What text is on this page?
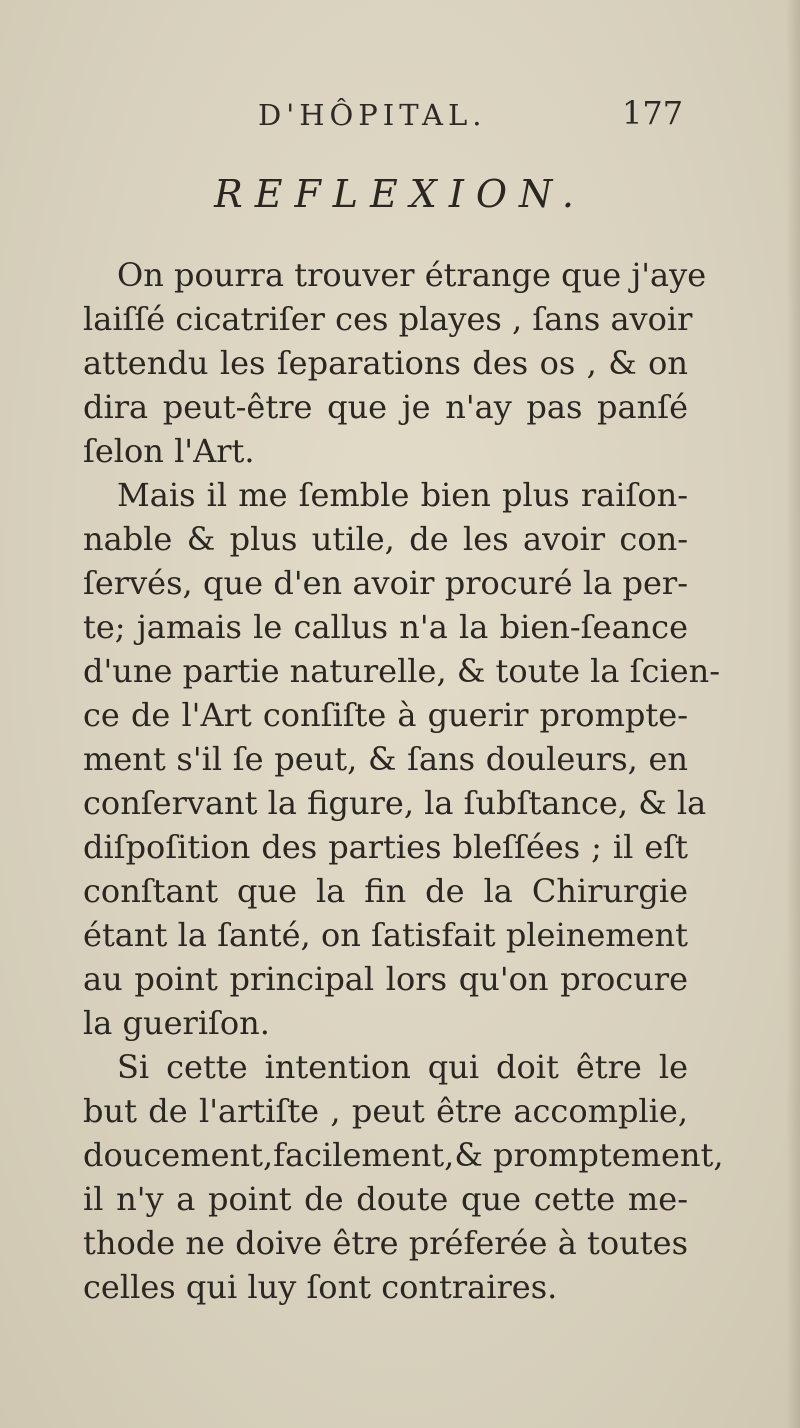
D'HÔPITAL.	177
REFLEXION.
On pourra trouver étrange que j'aye
laiſſé cicatriſer ces playes , ſans avoir
attendu les ſeparations des os , & on
dira peut-être que je n'ay pas panſé
ſelon l'Art.
Mais il me ſemble bien plus raiſon-
nable & plus utile, de les avoir con-
ſervés, que d'en avoir procuré la per-
te; jamais le callus n'a la bien-ſeance
d'une partie naturelle, & toute la ſcien-
ce de l'Art conſiſte à guerir prompte-
ment s'il ſe peut, & ſans douleurs, en
conſervant la figure, la ſubſtance, & la
diſpoſition des parties bleſſées ; il eſt
conſtant que la fin de la Chirurgie
étant la ſanté, on ſatisfait pleinement
au point principal lors qu'on procure
la gueriſon.
Si cette intention qui doit être le
but de l'artiſte , peut être accomplie,
doucement,facilement,& promptement,
il n'y a point de doute que cette me-
thode ne doive être préferée à toutes
celles qui luy ſont contraires.
